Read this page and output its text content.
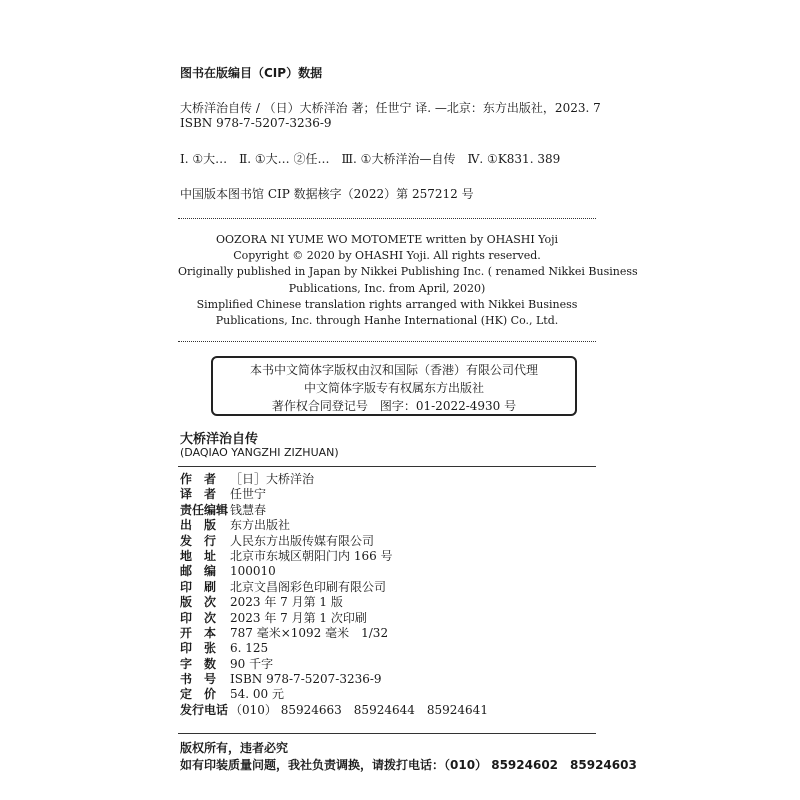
图书在版编目（CIP）数据
大桥洋治自传 / （日）大桥洋治 著；任世宁 译. —北京：东方出版社，2023. 7
ISBN 978-7-5207-3236-9
Ⅰ. ①大…　Ⅱ. ①大… ②任…　Ⅲ. ①大桥洋治—自传　Ⅳ. ①K831. 389
中国版本图书馆 CIP 数据核字（2022）第 257212 号
OOZORA NI YUME WO MOTOMETE written by OHASHI Yoji
Copyright © 2020 by OHASHI Yoji. All rights reserved.
Originally published in Japan by Nikkei Publishing Inc. ( renamed Nikkei Business
Publications, Inc. from April, 2020)
Simplified Chinese translation rights arranged with Nikkei Business
Publications, Inc. through Hanhe International (HK) Co., Ltd.
本书中文简体字版权由汉和国际（香港）有限公司代理
中文简体字版专有权属东方出版社
著作权合同登记号　图字：01-2022-4930 号
大桥洋治自传
(DAQIAO YANGZHI ZIZHUAN)
作　者	［日］大桥洋治
译　者	任世宁
责任编辑 钱慧春
出　版	东方出版社
发　行	人民东方出版传媒有限公司
地　址	北京市东城区朝阳门内 166 号
邮　编	100010
印　刷	北京文昌阁彩色印刷有限公司
版　次	2023 年 7 月第 1 版
印　次	2023 年 7 月第 1 次印刷
开　本	787 毫米×1092 毫米　1/32
印　张	6. 125
字　数	90 千字
书　号	ISBN 978-7-5207-3236-9
定　价	54. 00 元
发行电话 （010） 85924663　85924644　85924641
版权所有，违者必究
如有印装质量问题，我社负责调换，请拨打电话：（010） 85924602　85924603
